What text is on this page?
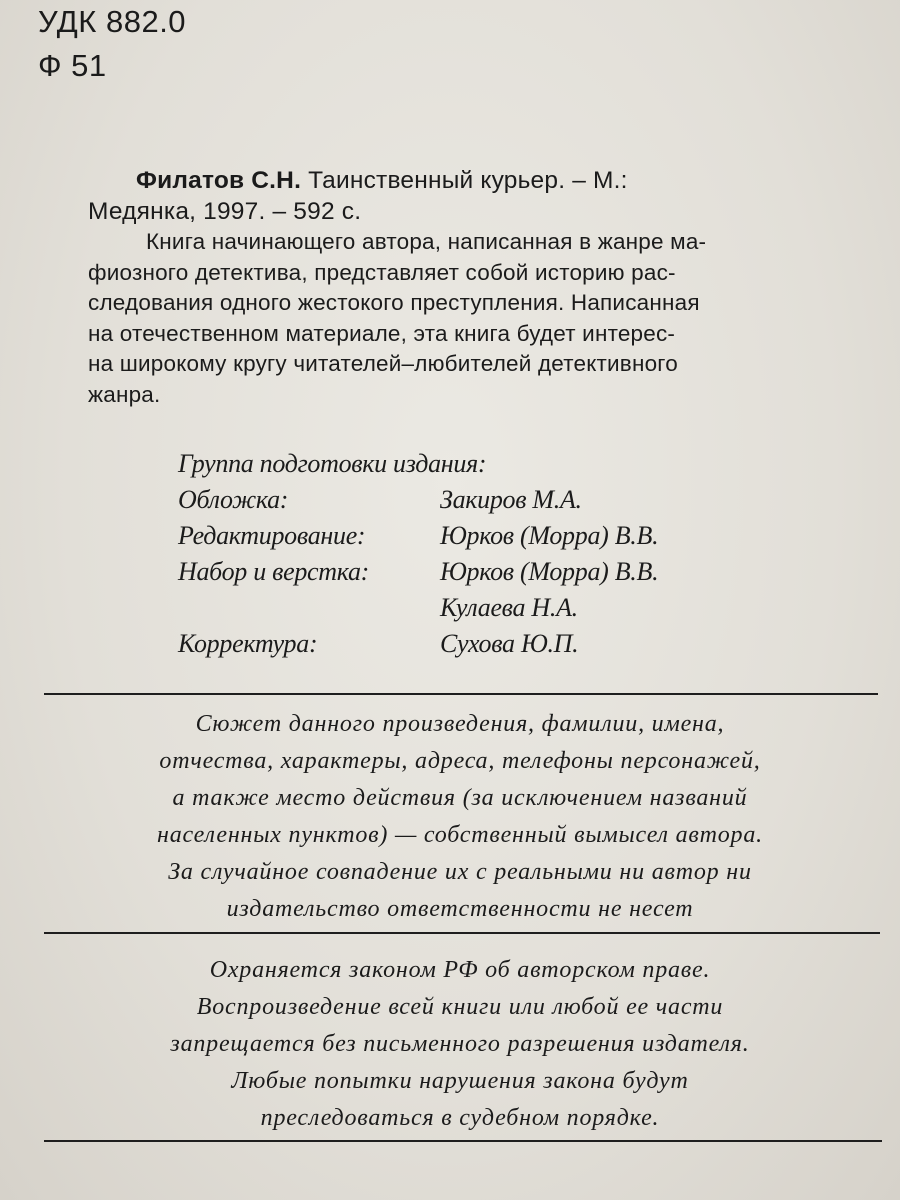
УДК 882.0
Ф 51
Филатов С.Н. Таинственный курьер. – М.:
Медянка, 1997. – 592 с.
Книга начинающего автора, написанная в жанре ма-
фиозного детектива, представляет собой историю рас-
следования одного жестокого преступления. Написанная
на отечественном материале, эта книга будет интерес-
на широкому кругу читателей–любителей детективного
жанра.
Группа подготовки издания:
Обложка:	Закиров М.А.
Редактирование:	Юрков (Морра) В.В.
Набор и верстка:	Юрков (Морра) В.В.
Кулаева Н.А.
Корректура:	Сухова Ю.П.
Сюжет данного произведения, фамилии, имена,
отчества, характеры, адреса, телефоны персонажей,
а также место действия (за исключением названий
населенных пунктов) — собственный вымысел автора.
За случайное совпадение их с реальными ни автор ни
издательство ответственности не несет
Охраняется законом РФ об авторском праве.
Воспроизведение всей книги или любой ее части
запрещается без письменного разрешения издателя.
Любые попытки нарушения закона будут
преследоваться в судебном порядке.
